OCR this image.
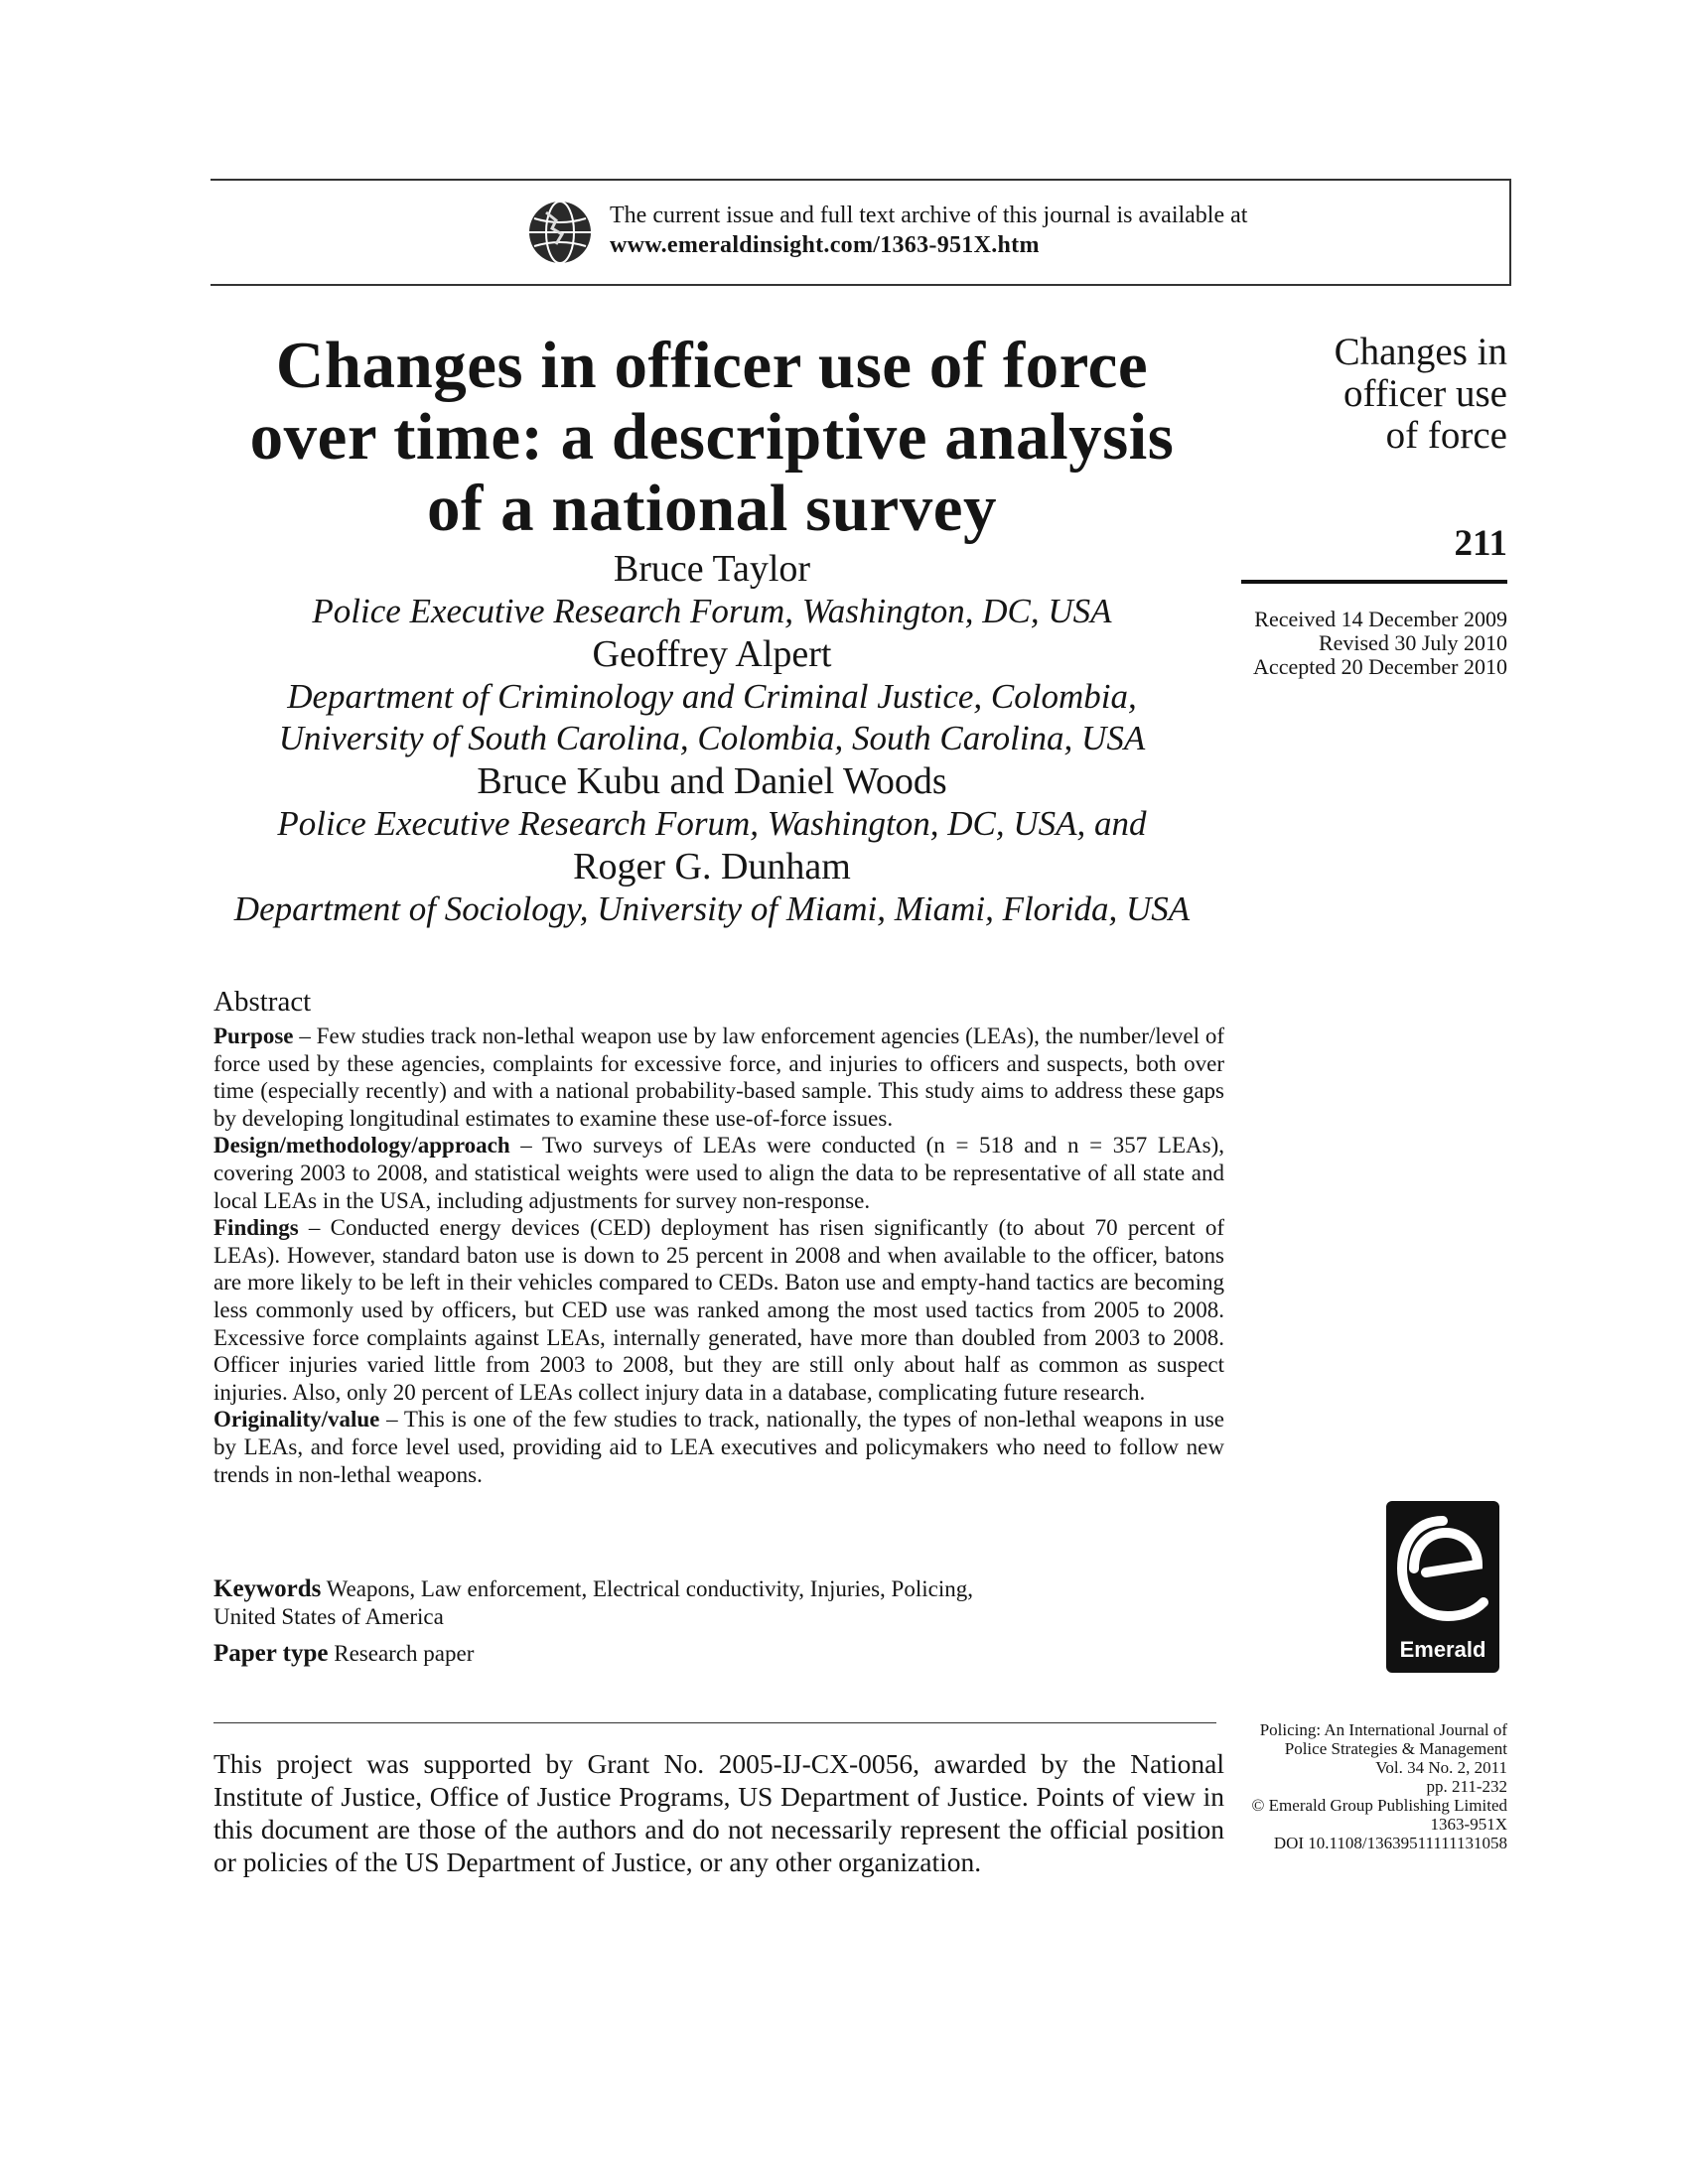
The current issue and full text archive of this journal is available at
www.emeraldinsight.com/1363-951X.htm
Changes in officer use of force
over time: a descriptive analysis
of a national survey
Bruce Taylor
Police Executive Research Forum, Washington, DC, USA
Geoffrey Alpert
Department of Criminology and Criminal Justice, Colombia,
University of South Carolina, Colombia, South Carolina, USA
Bruce Kubu and Daniel Woods
Police Executive Research Forum, Washington, DC, USA, and
Roger G. Dunham
Department of Sociology, University of Miami, Miami, Florida, USA
Changes in
officer use
of force
211
Received 14 December 2009
Revised 30 July 2010
Accepted 20 December 2010
Abstract

Purpose – Few studies track non-lethal weapon use by law enforcement agencies (LEAs), the number/level of force used by these agencies, complaints for excessive force, and injuries to officers and suspects, both over time (especially recently) and with a national probability-based sample. This study aims to address these gaps by developing longitudinal estimates to examine these use-of-force issues.

Design/methodology/approach – Two surveys of LEAs were conducted (n = 518 and n = 357 LEAs), covering 2003 to 2008, and statistical weights were used to align the data to be representative of all state and local LEAs in the USA, including adjustments for survey non-response.

Findings – Conducted energy devices (CED) deployment has risen significantly (to about 70 percent of LEAs). However, standard baton use is down to 25 percent in 2008 and when available to the officer, batons are more likely to be left in their vehicles compared to CEDs. Baton use and empty-hand tactics are becoming less commonly used by officers, but CED use was ranked among the most used tactics from 2005 to 2008. Excessive force complaints against LEAs, internally generated, have more than doubled from 2003 to 2008. Officer injuries varied little from 2003 to 2008, but they are still only about half as common as suspect injuries. Also, only 20 percent of LEAs collect injury data in a database, complicating future research.

Originality/value – This is one of the few studies to track, nationally, the types of non-lethal weapons in use by LEAs, and force level used, providing aid to LEA executives and policymakers who need to follow new trends in non-lethal weapons.

Keywords Weapons, Law enforcement, Electrical conductivity, Injuries, Policing,
United States of America
Paper type Research paper	Emerald
This project was supported by Grant No. 2005-IJ-CX-0056, awarded by the National Institute of Justice, Office of Justice Programs, US Department of Justice. Points of view in this document are those of the authors and do not necessarily represent the official position or policies of the US Department of Justice, or any other organization.
Policing: An International Journal of
Police Strategies & Management
Vol. 34 No. 2, 2011
pp. 211-232
© Emerald Group Publishing Limited
1363-951X
DOI 10.1108/13639511111131058
